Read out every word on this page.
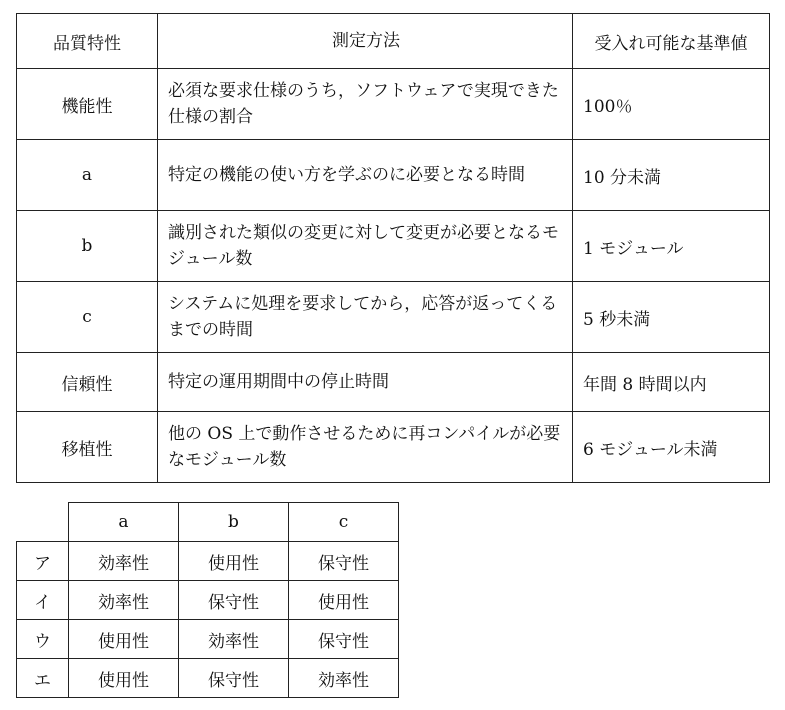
品質特性	測定方法	受入れ可能な基準値
機能性	必須な要求仕様のうち，ソフトウェアで実現できた仕様の割合	100％
a	特定の機能の使い方を学ぶのに必要となる時間	10 分未満
b	識別された類似の変更に対して変更が必要となるモジュール数	1 モジュール
c	システムに処理を要求してから，応答が返ってくるまでの時間	5 秒未満
信頼性	特定の運用期間中の停止時間	年間 8 時間以内
移植性	他の OS 上で動作させるために再コンパイルが必要なモジュール数	6 モジュール未満
	a	b	c
ア	効率性	使用性	保守性
イ	効率性	保守性	使用性
ウ	使用性	効率性	保守性
エ	使用性	保守性	効率性
